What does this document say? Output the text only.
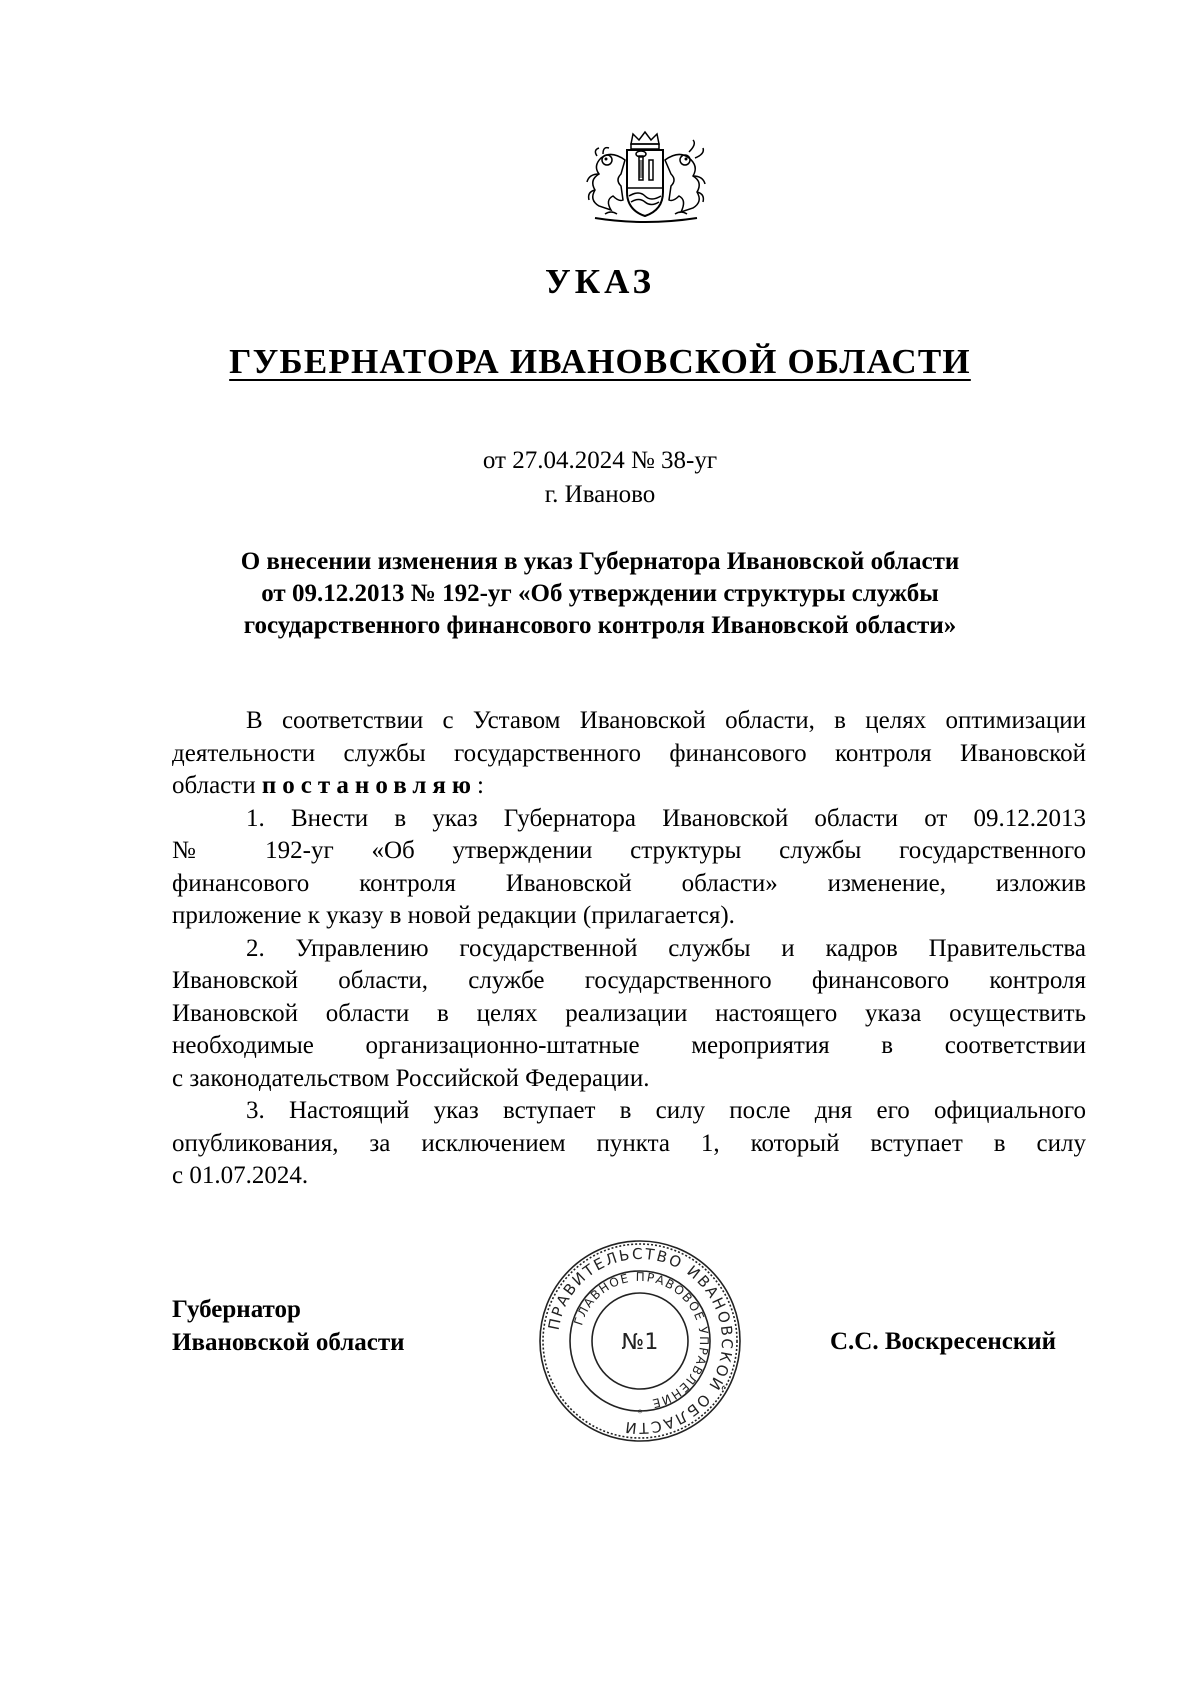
УКАЗ
ГУБЕРНАТОРА ИВАНОВСКОЙ ОБЛАСТИ
от 27.04.2024 № 38-уг
г. Иваново
О внесении изменения в указ Губернатора Ивановской области
от 09.12.2013 № 192-уг «Об утверждении структуры службы
государственного финансового контроля Ивановской области»

В соответствии с Уставом Ивановской области, в целях оптимизации
деятельности службы государственного финансового контроля Ивановской
области постановляю:

1. Внести в указ Губернатора Ивановской области от 09.12.2013
№ 192-уг «Об утверждении структуры службы государственного
финансового контроля Ивановской области» изменение, изложив
приложение к указу в новой редакции (прилагается).

2. Управлению государственной службы и кадров Правительства
Ивановской области, службе государственного финансового контроля
Ивановской области в целях реализации настоящего указа осуществить
необходимые организационно-штатные мероприятия в соответствии
с законодательством Российской Федерации.

3. Настоящий указ вступает в силу после дня его официального
опубликования, за исключением пункта 1, который вступает в силу
с 01.07.2024.

Губернатор
Ивановской области	С.С. Воскресенский
ПРАВИТЕЛЬСТВО ИВАНОВСКОЙ ОБЛАСТИ
ГЛАВНОЕ ПРАВОВОЕ УПРАВЛЕНИЕ
№1
*
